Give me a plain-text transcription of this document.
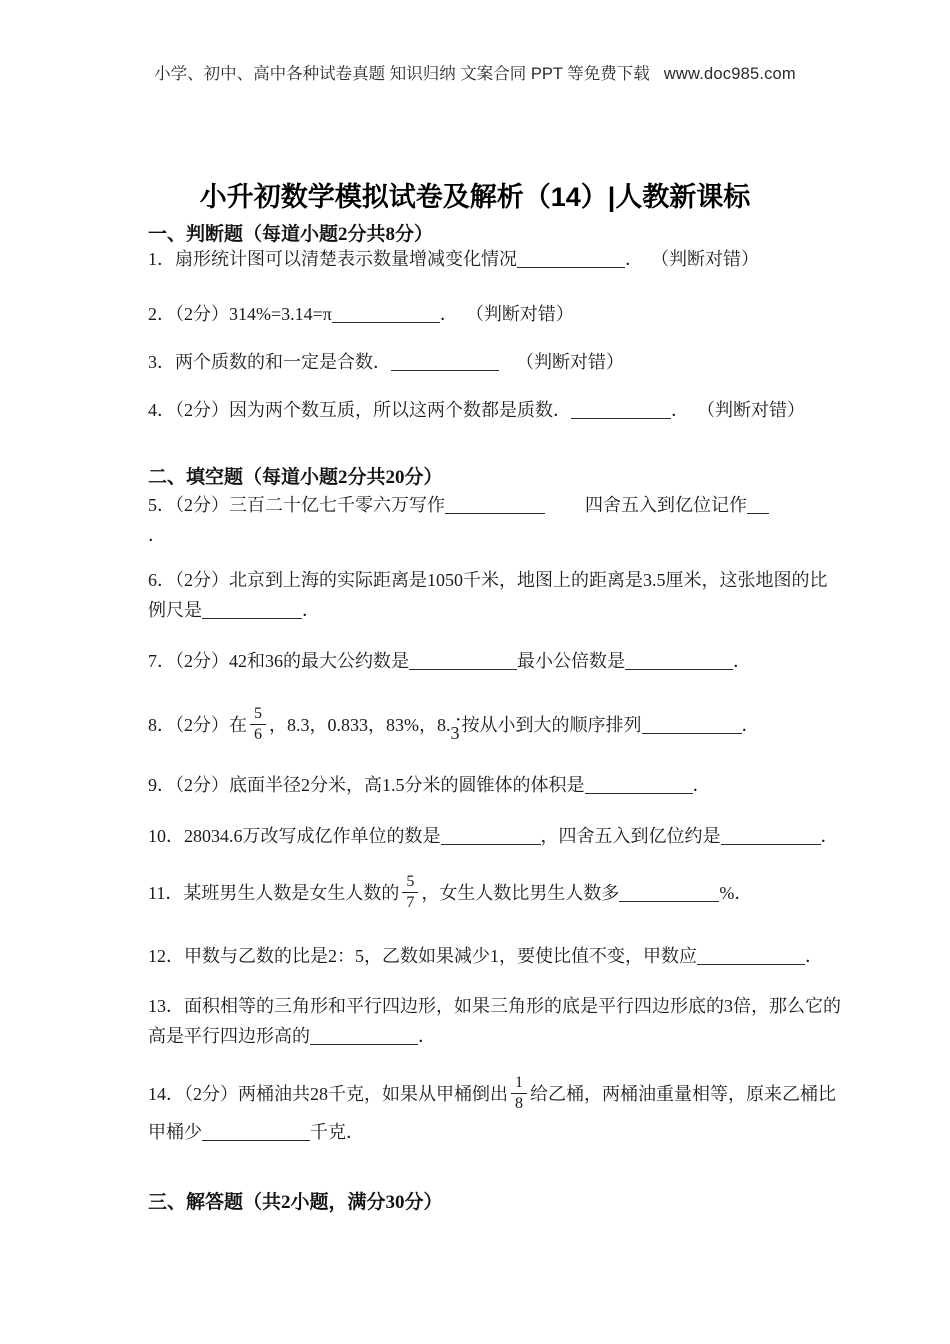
小学、初中、高中各种试卷真题 知识归纳 文案合同 PPT 等免费下载 www.doc985.com
小升初数学模拟试卷及解析（14）|人教新课标
一、判断题（每道小题2分共8分）
1．扇形统计图可以清楚表示数量增减变化情况	． （判断对错）
2．（2分）314%=3.14=π	． （判断对错）
3．两个质数的和一定是合数．	（判断对错）
4．（2分）因为两个数互质，所以这两个数都是质数．	． （判断对错）
二、填空题（每道小题2分共20分）
5．（2分）三百二十亿七千零六万写作	四舍五入到亿位记作
．
6．（2分）北京到上海的实际距离是1050千米，地图上的距离是3.5厘米，这张地图的比
例尺是	．
7．（2分）42和36的最大公约数是	最小公倍数是	．
8．（2分）在 $\frac{5}{6}$ ，8.3，0.833，83%，8. ·
3 按从小到大的顺序排列	．
9．（2分）底面半径2分米，高1.5分米的圆锥体的体积是	．
10．28034.6万改写成亿作单位的数是	，四舍五入到亿位约是	．
11．某班男生人数是女生人数的 $\frac{5}{7}$ ，女生人数比男生人数多	%．
12．甲数与乙数的比是2：5，乙数如果减少1，要使比值不变，甲数应	．
13．面积相等的三角形和平行四边形，如果三角形的底是平行四边形底的3倍，那么它的
高是平行四边形高的	．
14．（2分）两桶油共28千克，如果从甲桶倒出 $\frac{1}{8}$ 给乙桶，两桶油重量相等，原来乙桶比
甲桶少	千克．
三、解答题（共2小题，满分30分）
